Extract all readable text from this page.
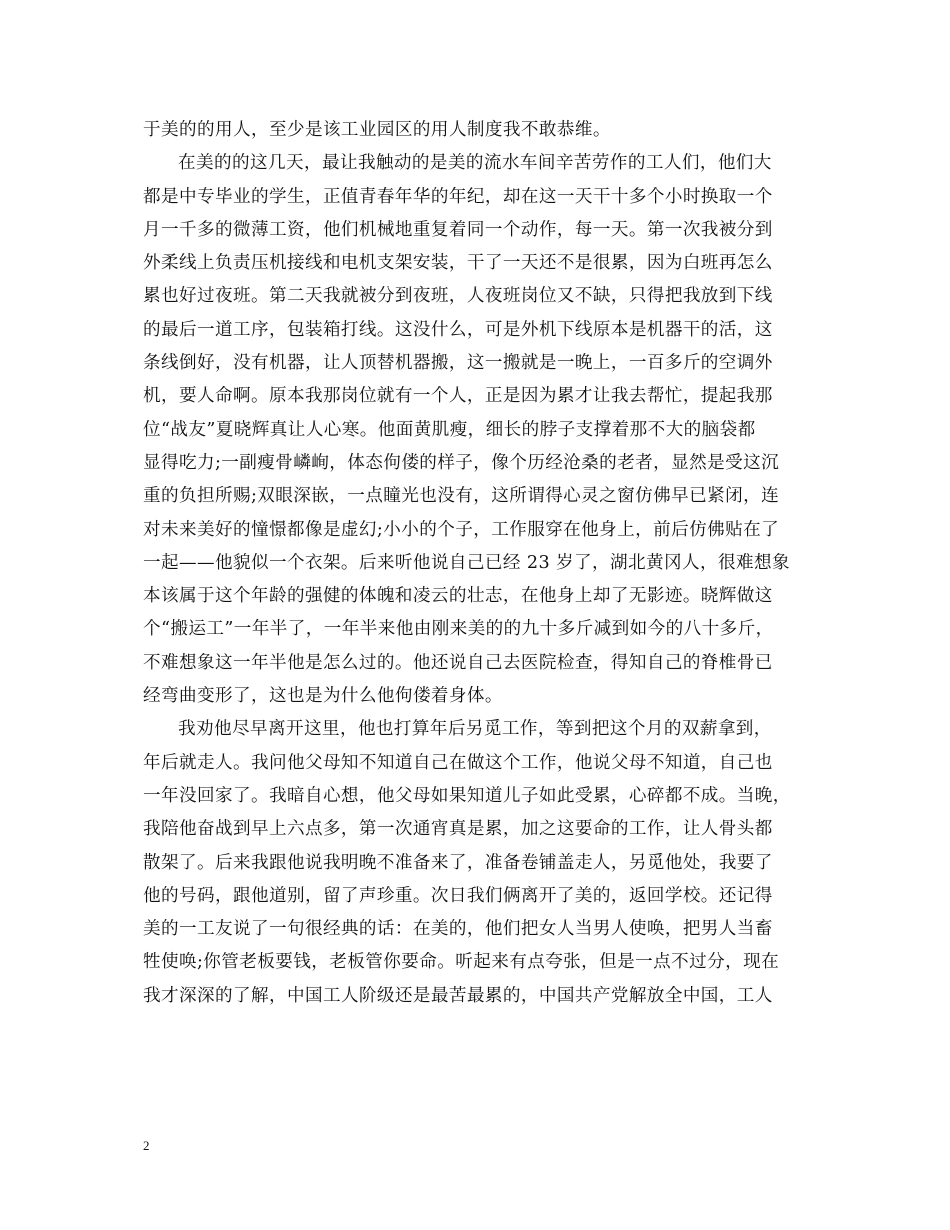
于美的的用人，至少是该工业园区的用人制度我不敢恭维。
在美的的这几天，最让我触动的是美的流水车间辛苦劳作的工人们，他们大
都是中专毕业的学生，正值青春年华的年纪，却在这一天干十多个小时换取一个
月一千多的微薄工资，他们机械地重复着同一个动作，每一天。第一次我被分到
外柔线上负责压机接线和电机支架安装，干了一天还不是很累，因为白班再怎么
累也好过夜班。第二天我就被分到夜班，人夜班岗位又不缺，只得把我放到下线
的最后一道工序，包装箱打线。这没什么，可是外机下线原本是机器干的活，这
条线倒好，没有机器，让人顶替机器搬，这一搬就是一晚上，一百多斤的空调外
机，要人命啊。原本我那岗位就有一个人，正是因为累才让我去帮忙，提起我那
位“战友”夏晓辉真让人心寒。他面黄肌瘦，细长的脖子支撑着那不大的脑袋都
显得吃力;一副瘦骨嶙峋，体态佝偻的样子，像个历经沧桑的老者，显然是受这沉
重的负担所赐;双眼深嵌，一点瞳光也没有，这所谓得心灵之窗仿佛早已紧闭，连
对未来美好的憧憬都像是虚幻;小小的个子，工作服穿在他身上，前后仿佛贴在了
一起——他貌似一个衣架。后来听他说自己已经 23 岁了，湖北黄冈人，很难想象
本该属于这个年龄的强健的体魄和凌云的壮志，在他身上却了无影迹。晓辉做这
个“搬运工”一年半了，一年半来他由刚来美的的九十多斤减到如今的八十多斤，
不难想象这一年半他是怎么过的。他还说自己去医院检查，得知自己的脊椎骨已
经弯曲变形了，这也是为什么他佝偻着身体。
我劝他尽早离开这里，他也打算年后另觅工作，等到把这个月的双薪拿到，
年后就走人。我问他父母知不知道自己在做这个工作，他说父母不知道，自己也
一年没回家了。我暗自心想，他父母如果知道儿子如此受累，心碎都不成。当晚，
我陪他奋战到早上六点多，第一次通宵真是累，加之这要命的工作，让人骨头都
散架了。后来我跟他说我明晚不准备来了，准备卷铺盖走人，另觅他处，我要了
他的号码，跟他道别，留了声珍重。次日我们俩离开了美的，返回学校。还记得
美的一工友说了一句很经典的话：在美的，他们把女人当男人使唤，把男人当畜
牲使唤;你管老板要钱，老板管你要命。听起来有点夸张，但是一点不过分，现在
我才深深的了解，中国工人阶级还是最苦最累的，中国共产党解放全中国，工人
2
